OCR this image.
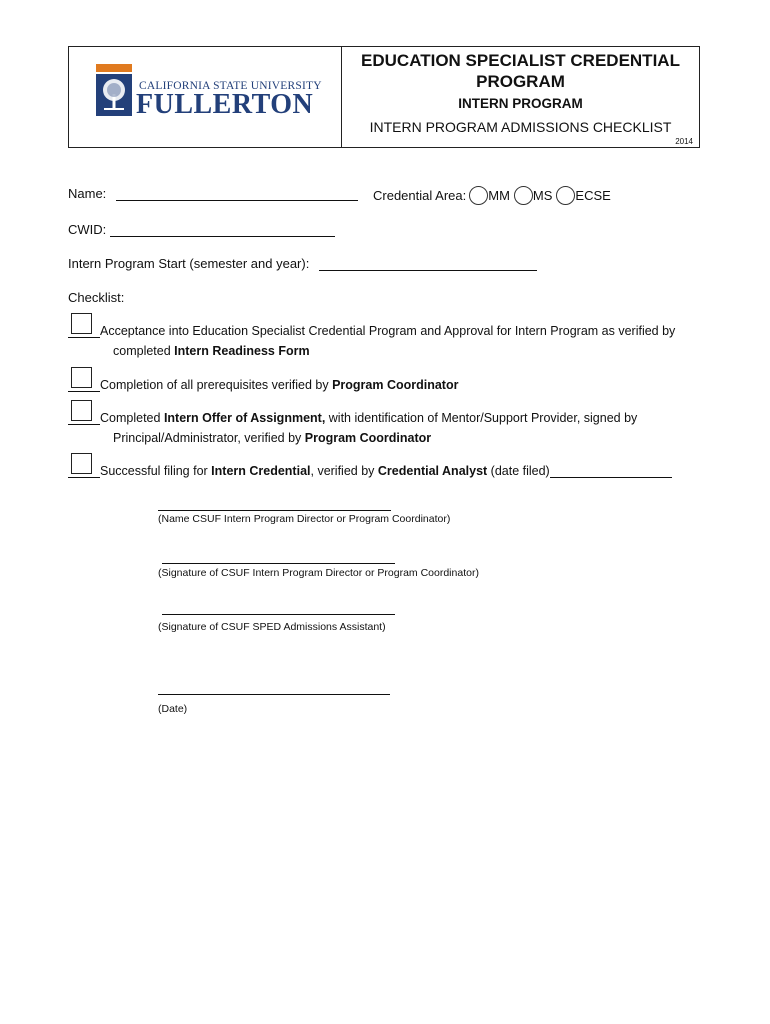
CALIFORNIA STATE UNIVERSITY
FULLERTON
EDUCATION SPECIALIST CREDENTIAL PROGRAM
INTERN PROGRAM
INTERN PROGRAM ADMISSIONS CHECKLIST
2014
Name:	Credential Area: MM MS ECSE
CWID:
Intern Program Start (semester and year):
Checklist:
Acceptance into Education Specialist Credential Program and Approval for Intern Program as verified by
completed Intern Readiness Form
Completion of all prerequisites verified by Program Coordinator
Completed Intern Offer of Assignment, with identification of Mentor/Support Provider, signed by
Principal/Administrator, verified by Program Coordinator
Successful filing for Intern Credential, verified by Credential Analyst (date filed)
(Name CSUF Intern Program Director or Program Coordinator)
(Signature of CSUF Intern Program Director or Program Coordinator)
(Signature of CSUF SPED Admissions Assistant)
(Date)
